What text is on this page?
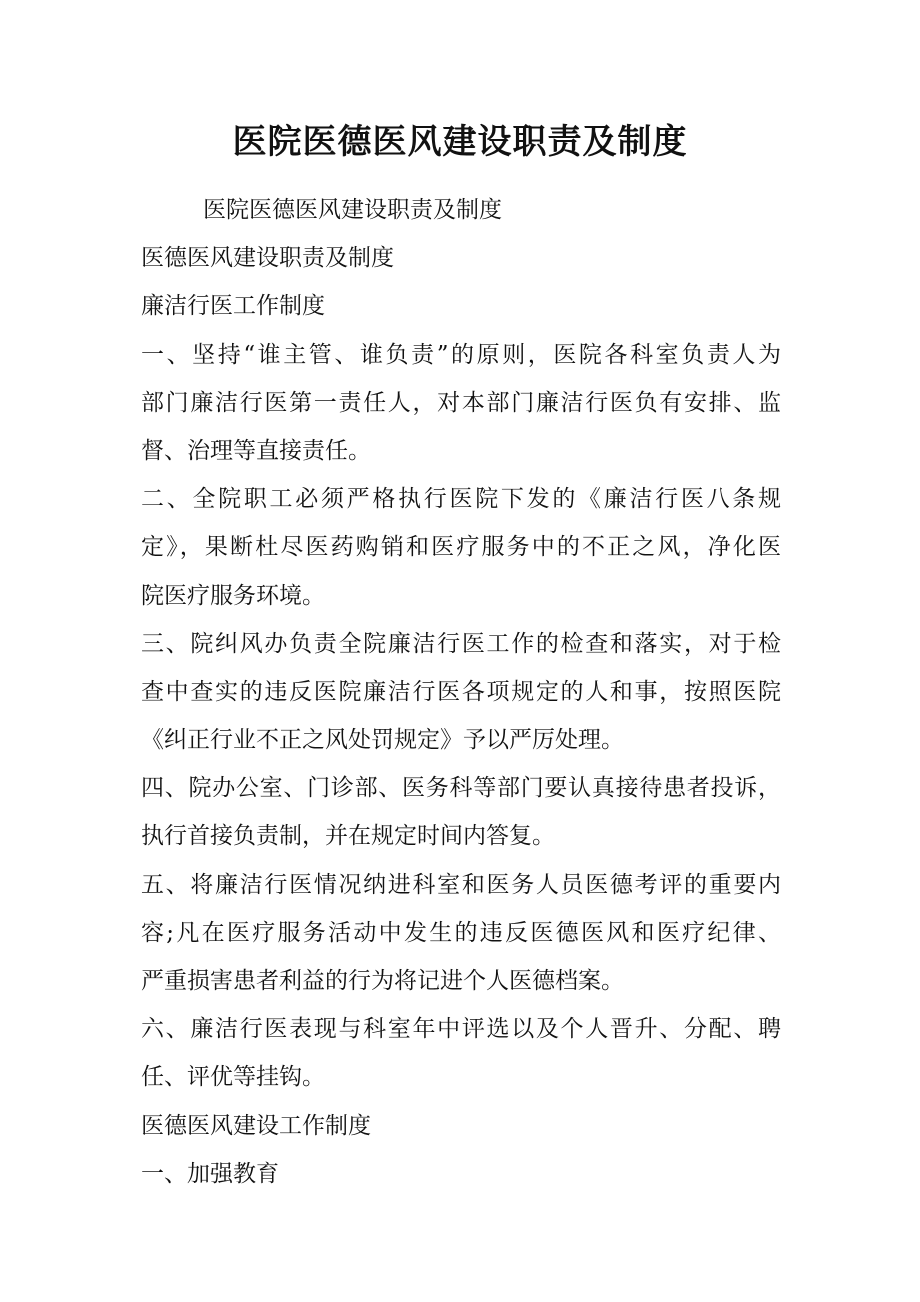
医院医德医风建设职责及制度
医院医德医风建设职责及制度
医德医风建设职责及制度
廉洁行医工作制度
一、坚持“谁主管、谁负责”的原则，医院各科室负责人为
部门廉洁行医第一责任人，对本部门廉洁行医负有安排、监
督、治理等直接责任。
二、全院职工必须严格执行医院下发的《廉洁行医八条规
定》，果断杜尽医药购销和医疗服务中的不正之风，净化医
院医疗服务环境。
三、院纠风办负责全院廉洁行医工作的检查和落实，对于检
查中查实的违反医院廉洁行医各项规定的人和事，按照医院
《纠正行业不正之风处罚规定》予以严厉处理。
四、院办公室、门诊部、医务科等部门要认真接待患者投诉，
执行首接负责制，并在规定时间内答复。
五、将廉洁行医情况纳进科室和医务人员医德考评的重要内
容;凡在医疗服务活动中发生的违反医德医风和医疗纪律、
严重损害患者利益的行为将记进个人医德档案。
六、廉洁行医表现与科室年中评选以及个人晋升、分配、聘
任、评优等挂钩。
医德医风建设工作制度
一、加强教育
